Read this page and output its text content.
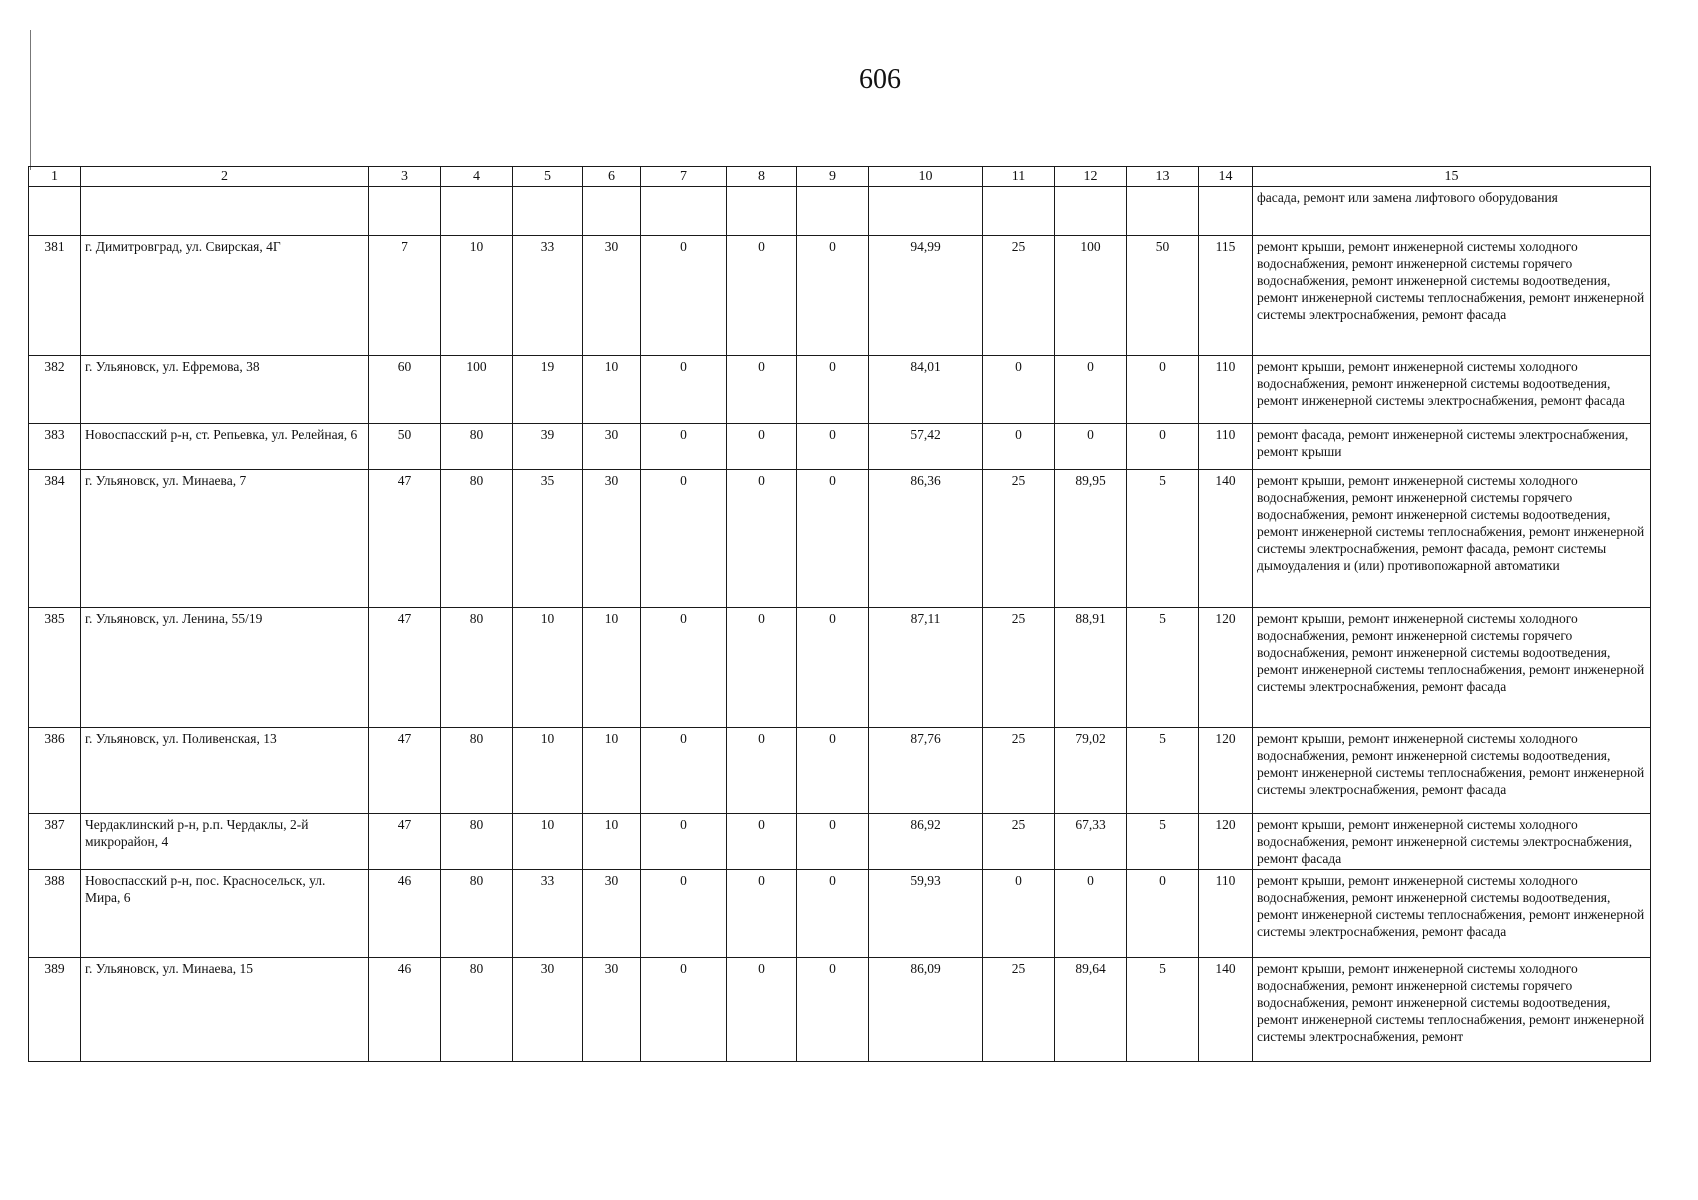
606
1	2	3	4	5	6	7	8	9	10	11	12	13	14	15
														фасада, ремонт или замена лифтового оборудования
381	г. Димитровград, ул. Свирская, 4Г	7	10	33	30	0	0	0	94,99	25	100	50	115	ремонт крыши, ремонт инженерной системы холодного водоснабжения, ремонт инженерной системы горячего водоснабжения, ремонт инженерной системы водоотведения, ремонт инженерной системы теплоснабжения, ремонт инженерной системы электроснабжения, ремонт фасада
382	г. Ульяновск, ул. Ефремова, 38	60	100	19	10	0	0	0	84,01	0	0	0	110	ремонт крыши, ремонт инженерной системы холодного водоснабжения, ремонт инженерной системы водоотведения, ремонт инженерной системы электроснабжения, ремонт фасада
383	Новоспасский р-н, ст. Репьевка, ул. Релейная, 6	50	80	39	30	0	0	0	57,42	0	0	0	110	ремонт фасада, ремонт инженерной системы электроснабжения, ремонт крыши
384	г. Ульяновск, ул. Минаева, 7	47	80	35	30	0	0	0	86,36	25	89,95	5	140	ремонт крыши, ремонт инженерной системы холодного водоснабжения, ремонт инженерной системы горячего водоснабжения, ремонт инженерной системы водоотведения, ремонт инженерной системы теплоснабжения, ремонт инженерной системы электроснабжения, ремонт фасада, ремонт системы дымоудаления и (или) противопожарной автоматики
385	г. Ульяновск, ул. Ленина, 55/19	47	80	10	10	0	0	0	87,11	25	88,91	5	120	ремонт крыши, ремонт инженерной системы холодного водоснабжения, ремонт инженерной системы горячего водоснабжения, ремонт инженерной системы водоотведения, ремонт инженерной системы теплоснабжения, ремонт инженерной системы электроснабжения, ремонт фасада
386	г. Ульяновск, ул. Поливенская, 13	47	80	10	10	0	0	0	87,76	25	79,02	5	120	ремонт крыши, ремонт инженерной системы холодного водоснабжения, ремонт инженерной системы водоотведения, ремонт инженерной системы теплоснабжения, ремонт инженерной системы электроснабжения, ремонт фасада
387	Чердаклинский р-н, р.п. Чердаклы, 2-й микрорайон, 4	47	80	10	10	0	0	0	86,92	25	67,33	5	120	ремонт крыши, ремонт инженерной системы холодного водоснабжения, ремонт инженерной системы электроснабжения, ремонт фасада
388	Новоспасский р-н, пос. Красносельск, ул. Мира, 6	46	80	33	30	0	0	0	59,93	0	0	0	110	ремонт крыши, ремонт инженерной системы холодного водоснабжения, ремонт инженерной системы водоотведения, ремонт инженерной системы теплоснабжения, ремонт инженерной системы электроснабжения, ремонт фасада
389	г. Ульяновск, ул. Минаева, 15	46	80	30	30	0	0	0	86,09	25	89,64	5	140	ремонт крыши, ремонт инженерной системы холодного водоснабжения, ремонт инженерной системы горячего водоснабжения, ремонт инженерной системы водоотведения, ремонт инженерной системы теплоснабжения, ремонт инженерной системы электроснабжения, ремонт
